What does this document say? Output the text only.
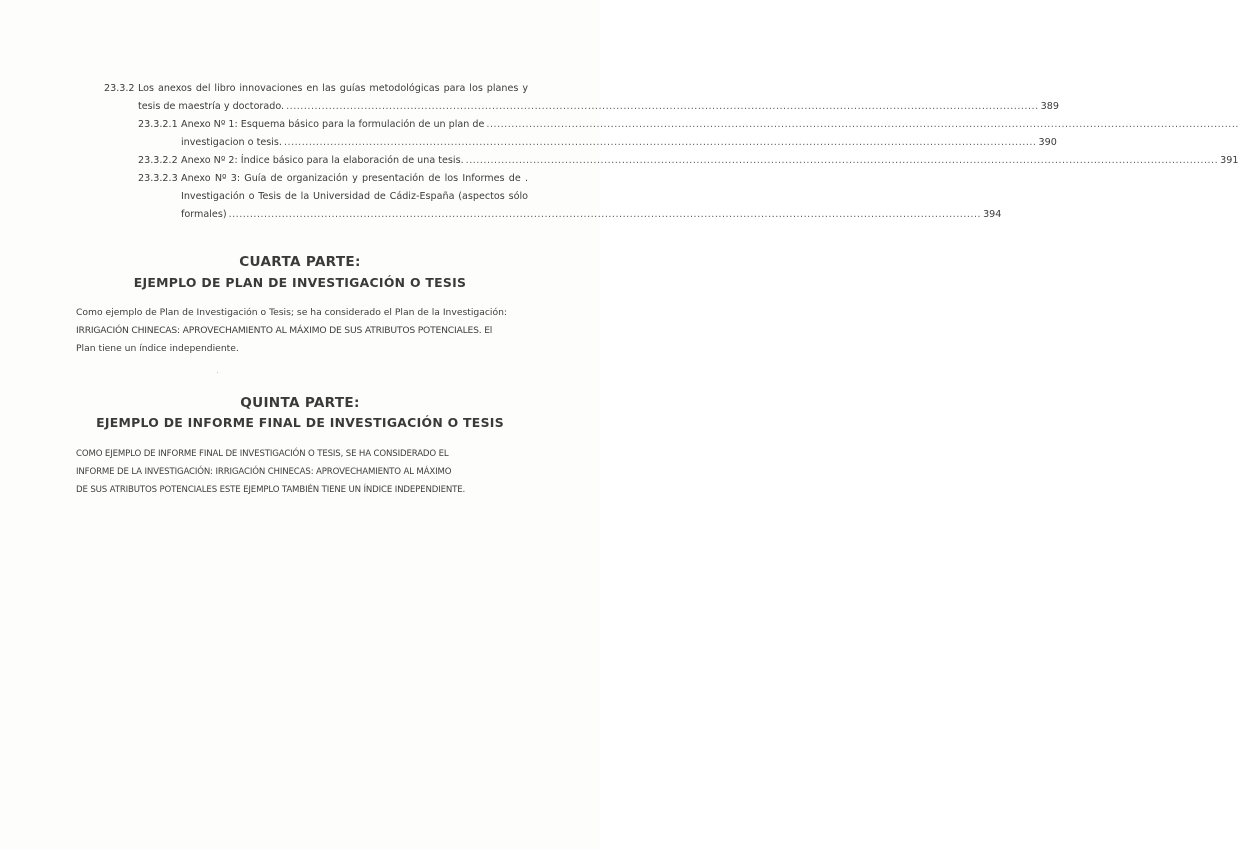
23.3.2 Los anexos del libro innovaciones en las guías metodológicas para los planes y
tesis de maestría y doctorado. .....	389
23.3.2.1 Anexo Nº 1: Esquema básico para la formulación de un plan de
.....
investigacion o tesis. .....	390
23.3.2.2 Anexo Nº 2: Índice básico para la elaboración de una tesis. .....	391
23.3.2.3 Anexo Nº 3: Guía de organización y presentación de los Informes de .
Investigación o Tesis de la Universidad de Cádiz-España (aspectos sólo
formales) .....	394
CUARTA PARTE:
EJEMPLO DE PLAN DE INVESTIGACIÓN O TESIS
Como ejemplo de Plan de Investigación o Tesis; se ha considerado el Plan de la Investigación:
IRRIGACIÓN CHINECAS: APROVECHAMIENTO AL MÁXIMO DE SUS ATRIBUTOS POTENCIALES. El
Plan tiene un índice independiente.
QUINTA PARTE:
EJEMPLO DE INFORME FINAL DE INVESTIGACIÓN O TESIS
COMO EJEMPLO DE INFORME FINAL DE INVESTIGACIÓN O TESIS, SE HA CONSIDERADO EL
INFORME DE LA INVESTIGACIÓN: IRRIGACIÓN CHINECAS: APROVECHAMIENTO AL MÁXIMO
DE SUS ATRIBUTOS POTENCIALES ESTE EJEMPLO TAMBIÉN TIENE UN ÍNDICE INDEPENDIENTE.
